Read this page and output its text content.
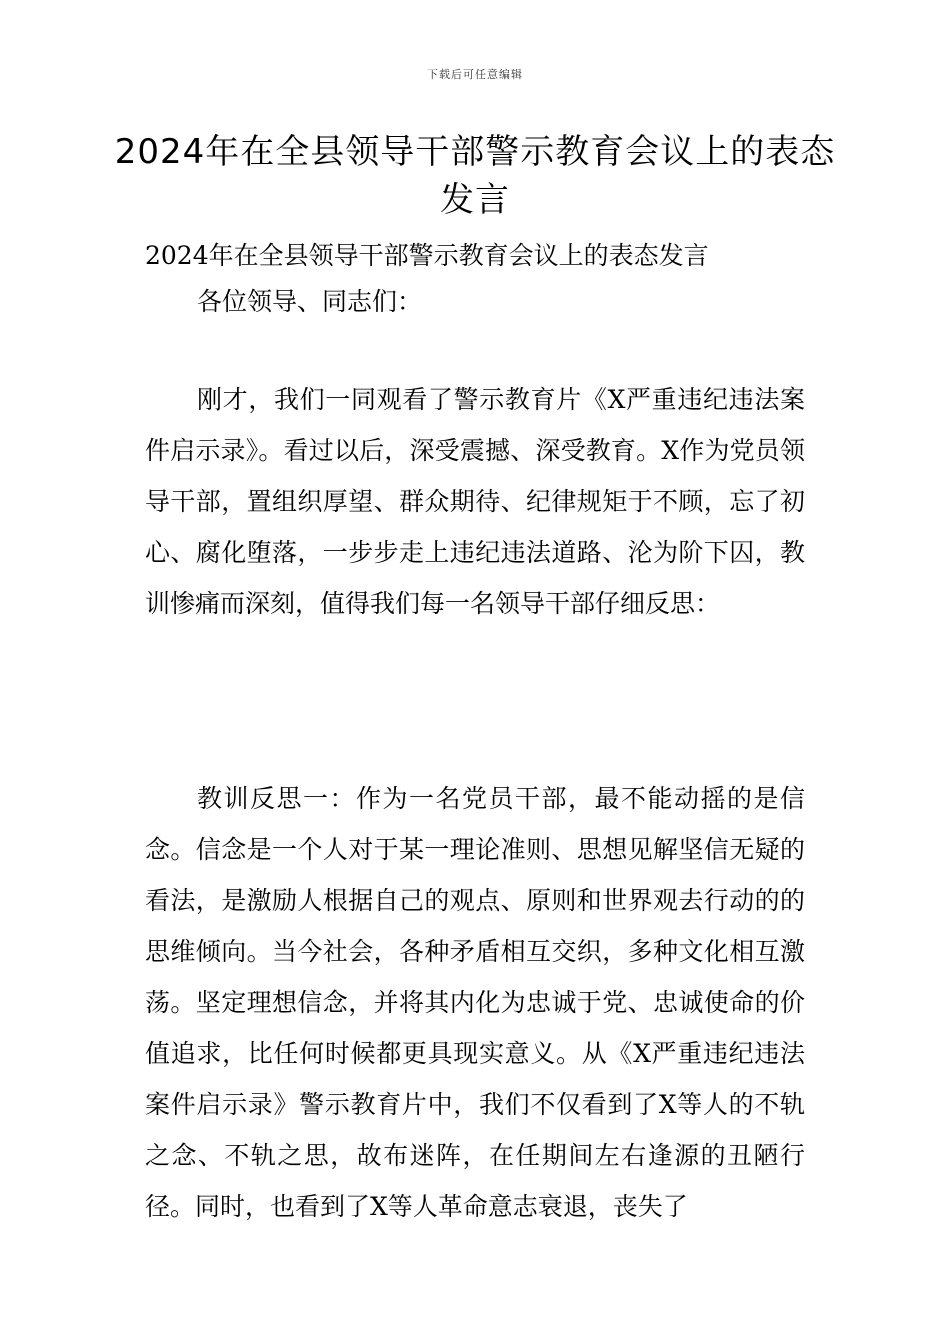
下载后可任意编辑
2024年在全县领导干部警示教育会议上的表态发言

2024年在全县领导干部警示教育会议上的表态发言

各位领导、同志们：

刚才，我们一同观看了警示教育片《X严重违纪违法案件启示录》。看过以后，深受震撼、深受教育。X作为党员领导干部，置组织厚望、群众期待、纪律规矩于不顾，忘了初心、腐化堕落，一步步走上违纪违法道路、沦为阶下囚，教训惨痛而深刻，值得我们每一名领导干部仔细反思：

教训反思一：作为一名党员干部，最不能动摇的是信念。信念是一个人对于某一理论准则、思想见解坚信无疑的看法，是激励人根据自己的观点、原则和世界观去行动的的思维倾向。当今社会，各种矛盾相互交织，多种文化相互激荡。坚定理想信念，并将其内化为忠诚于党、忠诚使命的价值追求，比任何时候都更具现实意义。从《X严重违纪违法案件启示录》警示教育片中，我们不仅看到了X等人的不轨之念、不轨之思，故布迷阵，在任期间左右逢源的丑陋行径。同时，也看到了X等人革命意志衰退，丧失了
